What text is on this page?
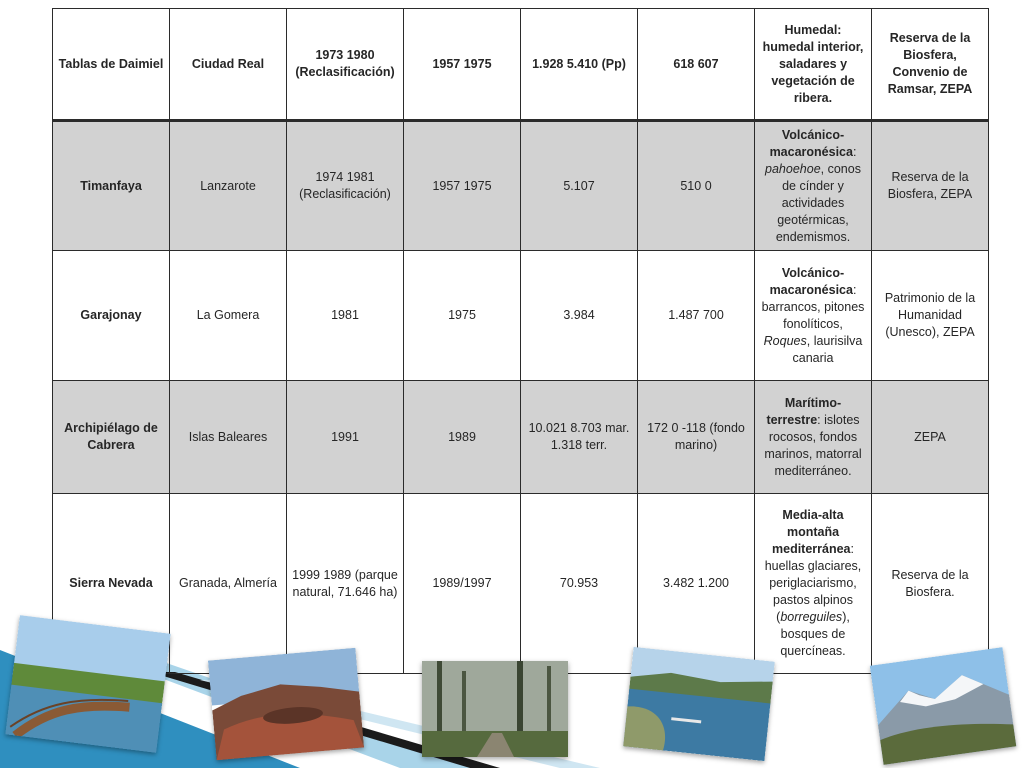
Tablas de Daimiel	Ciudad Real	1973 1980 (Reclasificación)	1957 1975	1.928 5.410 (Pp)	618 607	Humedal: humedal interior, saladares y vegetación de ribera.	Reserva de la Biosfera, Convenio de Ramsar, ZEPA
Timanfaya	Lanzarote	1974 1981 (Reclasificación)	1957 1975	5.107	510 0	Volcánico-macaronésica: pahoehoe, conos de cínder y actividades geotérmicas, endemismos.	Reserva de la Biosfera, ZEPA
Garajonay	La Gomera	1981	1975	3.984	1.487 700	Volcánico-macaronésica: barrancos, pitones fonolíticos, Roques, laurisilva canaria	Patrimonio de la Humanidad (Unesco), ZEPA
Archipiélago de Cabrera	Islas Baleares	1991	1989	10.021 8.703 mar. 1.318 terr.	172 0 -118 (fondo marino)	Marítimo-terrestre: islotes rocosos, fondos marinos, matorral mediterráneo.	ZEPA
Sierra Nevada	Granada, Almería	1999 1989 (parque natural, 71.646 ha)	1989/1997	70.953	3.482 1.200	Media-alta montaña mediterránea: huellas glaciares, periglaciarismo, pastos alpinos (borreguiles), bosques de quercíneas.	Reserva de la Biosfera.
